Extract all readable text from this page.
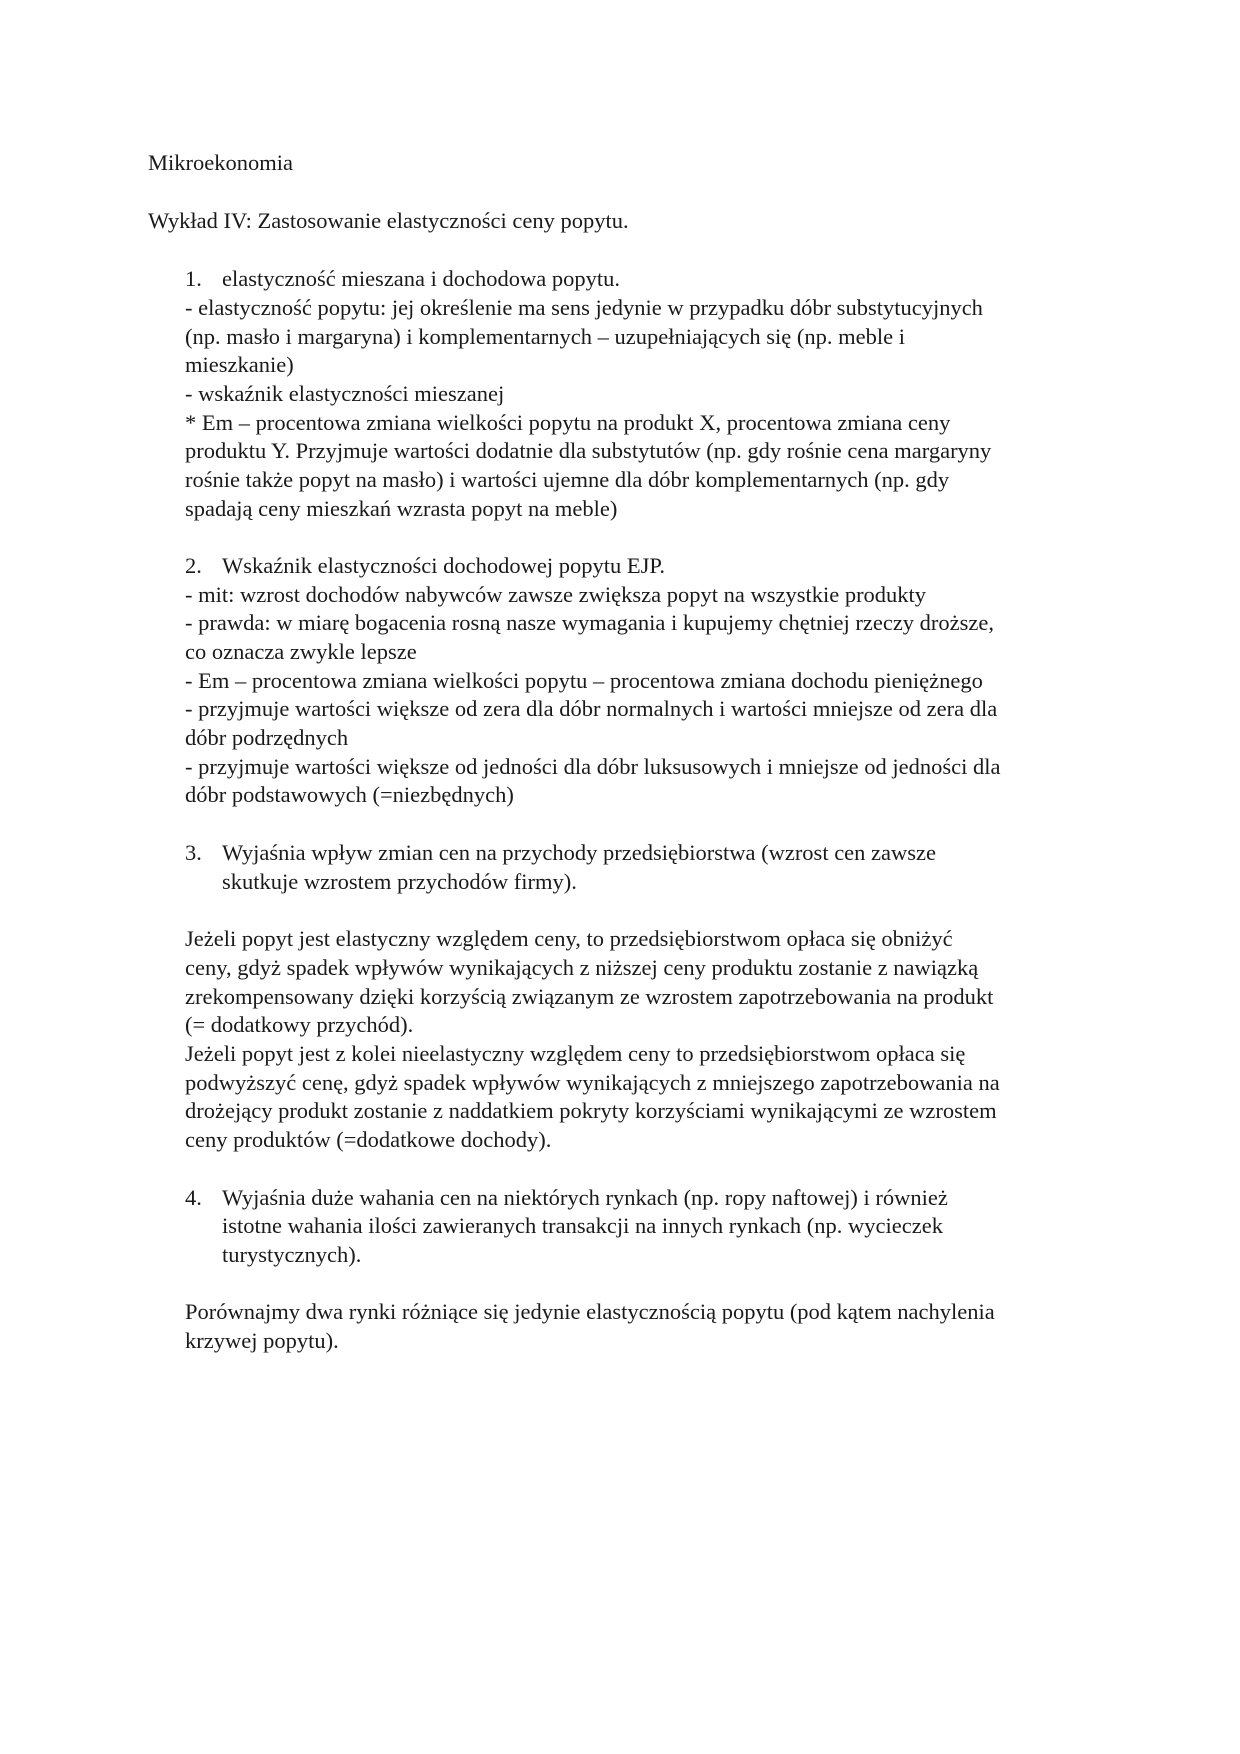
Mikroekonomia
Wykład IV: Zastosowanie elastyczności ceny popytu.
1. elastyczność mieszana i dochodowa popytu.
- elastyczność popytu: jej określenie ma sens jedynie w przypadku dóbr substytucyjnych
(np. masło i margaryna) i komplementarnych – uzupełniających się (np. meble i
mieszkanie)
- wskaźnik elastyczności mieszanej
* Em – procentowa zmiana wielkości popytu na produkt X, procentowa zmiana ceny
produktu Y. Przyjmuje wartości dodatnie dla substytutów (np. gdy rośnie cena margaryny
rośnie także popyt na masło) i wartości ujemne dla dóbr komplementarnych (np. gdy
spadają ceny mieszkań wzrasta popyt na meble)
2. Wskaźnik elastyczności dochodowej popytu EJP.
- mit: wzrost dochodów nabywców zawsze zwiększa popyt na wszystkie produkty
- prawda: w miarę bogacenia rosną nasze wymagania i kupujemy chętniej rzeczy droższe,
co oznacza zwykle lepsze
- Em – procentowa zmiana wielkości popytu – procentowa zmiana dochodu pieniężnego
- przyjmuje wartości większe od zera dla dóbr normalnych i wartości mniejsze od zera dla
dóbr podrzędnych
- przyjmuje wartości większe od jedności dla dóbr luksusowych i mniejsze od jedności dla
dóbr podstawowych (=niezbędnych)
3. Wyjaśnia wpływ zmian cen na przychody przedsiębiorstwa (wzrost cen zawsze
skutkuje wzrostem przychodów firmy).
Jeżeli popyt jest elastyczny względem ceny, to przedsiębiorstwom opłaca się obniżyć
ceny, gdyż spadek wpływów wynikających z niższej ceny produktu zostanie z nawiązką
zrekompensowany dzięki korzyścią związanym ze wzrostem zapotrzebowania na produkt
(= dodatkowy przychód).
Jeżeli popyt jest z kolei nieelastyczny względem ceny to przedsiębiorstwom opłaca się
podwyższyć cenę, gdyż spadek wpływów wynikających z mniejszego zapotrzebowania na
drożejący produkt zostanie z naddatkiem pokryty korzyściami wynikającymi ze wzrostem
ceny produktów (=dodatkowe dochody).
4. Wyjaśnia duże wahania cen na niektórych rynkach (np. ropy naftowej) i również
istotne wahania ilości zawieranych transakcji na innych rynkach (np. wycieczek
turystycznych).
Porównajmy dwa rynki różniące się jedynie elastycznością popytu (pod kątem nachylenia
krzywej popytu).
